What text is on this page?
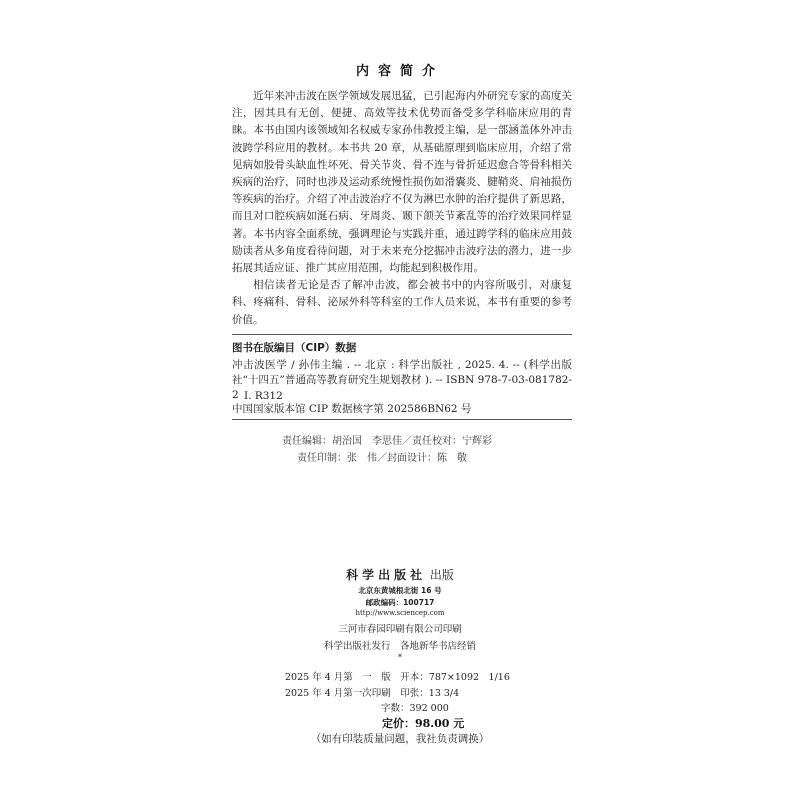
内容简介

近年来冲击波在医学领域发展迅猛，已引起海内外研究专家的高度关注，因其具有无创、便捷、高效等技术优势而备受多学科临床应用的青睐。本书由国内该领域知名权威专家孙伟教授主编，是一部涵盖体外冲击波跨学科应用的教材。本书共 20 章，从基础原理到临床应用，介绍了常见病如股骨头缺血性坏死、骨关节炎、骨不连与骨折延迟愈合等骨科相关疾病的治疗，同时也涉及运动系统慢性损伤如滑囊炎、腱鞘炎、肩袖损伤等疾病的治疗。介绍了冲击波治疗不仅为淋巴水肿的治疗提供了新思路，而且对口腔疾病如涎石病、牙周炎、颞下颌关节紊乱等的治疗效果同样显著。本书内容全面系统，强调理论与实践并重，通过跨学科的临床应用鼓励读者从多角度看待问题，对于未来充分挖掘冲击波疗法的潜力，进一步拓展其适应证、推广其应用范围，均能起到积极作用。

相信读者无论是否了解冲击波，都会被书中的内容所吸引，对康复科、疼痛科、骨科、泌尿外科等科室的工作人员来说，本书有重要的参考价值。

图书在版编目（CIP）数据
冲击波医学 / 孙伟主编 . -- 北京 : 科学出版社 , 2025. 4. -- (科学出版社“十四五”普通高等教育研究生规划教材 ). -- ISBN 978-7-03-081782-2 Ⅰ. R312
中国国家版本馆 CIP 数据核字第 202586BN62 号
责任编辑：胡治国　李思佳／责任校对：宁辉彩
责任印制：张　伟／封面设计：陈　敬
科学出版社 出版
北京东黄城根北街 16 号
邮政编码：100717
http://www.sciencep.com
三河市春园印刷有限公司印刷
科学出版社发行　各地新华书店经销
*
2025 年 4 月第　一　版　开本：787×1092　1/16
2025 年 4 月第一次印刷　印张：13 3/4
字数：392 000
定价：98.00 元
（如有印装质量问题，我社负责调换）
